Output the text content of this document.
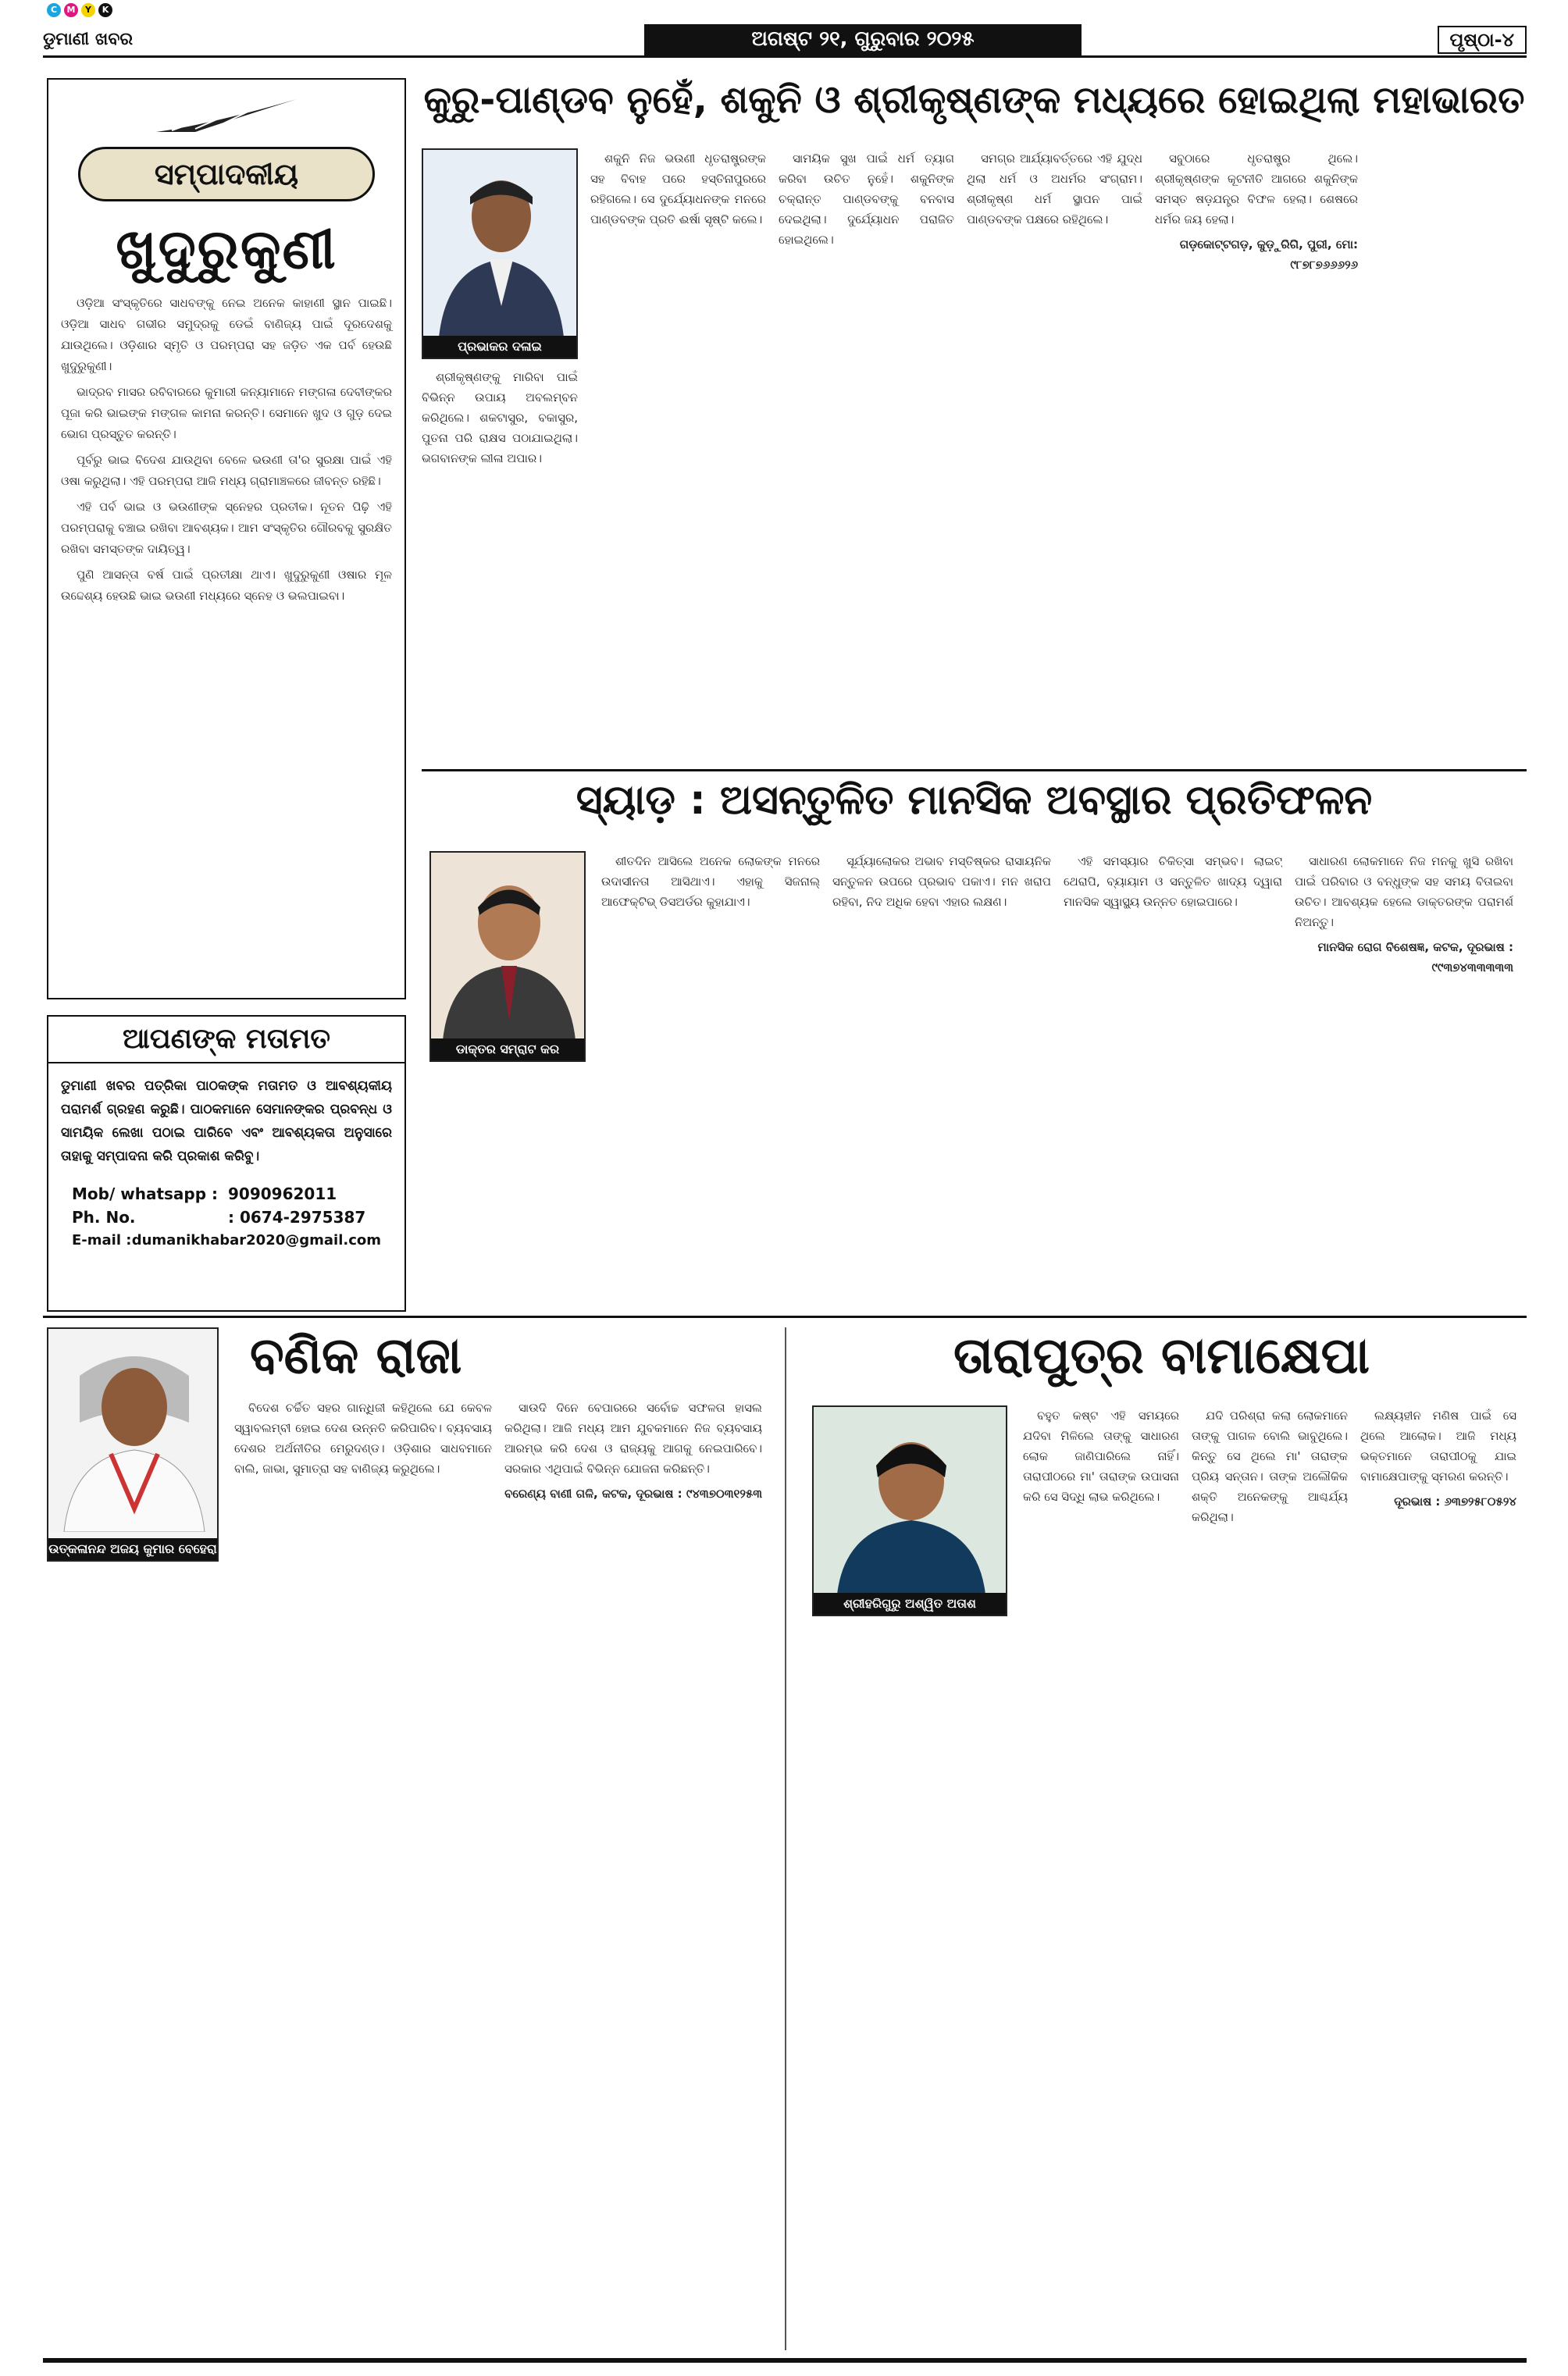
C	M	Y	K
ଡୁମାଣୀ ଖବର	ଅଗଷ୍ଟ ୨୧, ଗୁରୁବାର ୨୦୨୫	ପୃଷ୍ଠା-୪
ସମ୍ପାଦକୀୟ
ଖୁଦୁରୁକୁଣୀ

ଓଡ଼ିଆ ସଂସ୍କୃତିରେ ସାଧବଙ୍କୁ ନେଇ ଅନେକ କାହାଣୀ ସ୍ଥାନ ପାଇଛି। ଓଡ଼ିଆ ସାଧବ ଗଭୀର ସମୁଦ୍ରକୁ ଡେଇଁ ବାଣିଜ୍ୟ ପାଇଁ ଦୂରଦେଶକୁ ଯାଉଥିଲେ। ଓଡ଼ିଶାର ସ୍ମୃତି ଓ ପରମ୍ପରା ସହ ଜଡ଼ିତ ଏକ ପର୍ବ ହେଉଛି ଖୁଦୁରୁକୁଣୀ।

ଭାଦ୍ରବ ମାସର ରବିବାରରେ କୁମାରୀ କନ୍ୟାମାନେ ମଙ୍ଗଳା ଦେବୀଙ୍କର ପୂଜା କରି ଭାଇଙ୍କ ମଙ୍ଗଳ କାମନା କରନ୍ତି। ସେମାନେ ଖୁଦ ଓ ଗୁଡ଼ ଦେଇ ଭୋଗ ପ୍ରସ୍ତୁତ କରନ୍ତି।

ପୂର୍ବରୁ ଭାଇ ବିଦେଶ ଯାଉଥିବା ବେଳେ ଭଉଣୀ ତା'ର ସୁରକ୍ଷା ପାଇଁ ଏହି ଓଷା କରୁଥିଲା। ଏହି ପରମ୍ପରା ଆଜି ମଧ୍ୟ ଗ୍ରାମାଞ୍ଚଳରେ ଜୀବନ୍ତ ରହିଛି।

ଏହି ପର୍ବ ଭାଇ ଓ ଭଉଣୀଙ୍କ ସ୍ନେହର ପ୍ରତୀକ। ନୂତନ ପିଢ଼ି ଏହି ପରମ୍ପରାକୁ ବଞ୍ଚାଇ ରଖିବା ଆବଶ୍ୟକ। ଆମ ସଂସ୍କୃତିର ଗୌରବକୁ ସୁରକ୍ଷିତ ରଖିବା ସମସ୍ତଙ୍କ ଦାୟିତ୍ୱ।

ପୁଣି ଆସନ୍ତା ବର୍ଷ ପାଇଁ ପ୍ରତୀକ୍ଷା ଥାଏ। ଖୁଦୁରୁକୁଣୀ ଓଷାର ମୂଳ ଉଦ୍ଦେଶ୍ୟ ହେଉଛି ଭାଇ ଭଉଣୀ ମଧ୍ୟରେ ସ୍ନେହ ଓ ଭଲପାଇବା।

ଆପଣଙ୍କ ମତାମତ
ଡୁମାଣୀ ଖବର ପତ୍ରିକା ପାଠକଙ୍କ ମତାମତ ଓ ଆବଶ୍ୟକୀୟ ପରାମର୍ଶ ଗ୍ରହଣ କରୁଛି। ପାଠକମାନେ ସେମାନଙ୍କର ପ୍ରବନ୍ଧ ଓ ସାମୟିକ ଲେଖା ପଠାଇ ପାରିବେ ଏବଂ ଆବଶ୍ୟକତା ଅନୁସାରେ ତାହାକୁ ସମ୍ପାଦନା କରି ପ୍ରକାଶ କରିବୁ।
Mob/ whatsapp : 9090962011
Ph. No.	: 0674-2975387
E-mail : dumanikhabar2020@gmail.com
କୁରୁ-ପାଣ୍ଡବ ନୁହେଁ, ଶକୁନି ଓ ଶ୍ରୀକୃଷ୍ଣଙ୍କ ମଧ୍ୟରେ ହୋଇଥିଲା ମହାଭାରତ
ପ୍ରଭାକର ଦଳାଇ

ଶ୍ରୀକୃଷ୍ଣଙ୍କୁ ମାରିବା ପାଇଁ ବିଭିନ୍ନ ଉପାୟ ଅବଲମ୍ବନ କରିଥିଲେ। ଶକଟାସୁର, ବକାସୁର, ପୁତନା ପରି ରାକ୍ଷସ ପଠାଯାଇଥିଲା। ଭଗବାନଙ୍କ ଲୀଳା ଅପାର।

ଶକୁନି ନିଜ ଭଉଣୀ ଧୃତରାଷ୍ଟ୍ରଙ୍କ ସହ ବିବାହ ପରେ ହସ୍ତିନାପୁରରେ ରହିଗଲେ। ସେ ଦୁର୍ଯ୍ୟୋଧନଙ୍କ ମନରେ ପାଣ୍ଡବଙ୍କ ପ୍ରତି ଈର୍ଷା ସୃଷ୍ଟି କଲେ।

ସାମୟିକ ସୁଖ ପାଇଁ ଧର୍ମ ତ୍ୟାଗ କରିବା ଉଚିତ ନୁହେଁ। ଶକୁନିଙ୍କ ଚକ୍ରାନ୍ତ ପାଣ୍ଡବଙ୍କୁ ବନବାସ ଦେଇଥିଲା। ଦୁର୍ଯ୍ୟୋଧନ ପରାଜିତ ହୋଇଥିଲେ।

ସମଗ୍ର ଆର୍ଯ୍ୟାବର୍ତ୍ତରେ ଏହି ଯୁଦ୍ଧ ଥିଲା ଧର୍ମ ଓ ଅଧର୍ମର ସଂଗ୍ରାମ। ଶ୍ରୀକୃଷ୍ଣ ଧର୍ମ ସ୍ଥାପନ ପାଇଁ ପାଣ୍ଡବଙ୍କ ପକ୍ଷରେ ରହିଥିଲେ।

ସବୁଠାରେ ଧୃତରାଷ୍ଟ୍ର ଥିଲେ। ଶ୍ରୀକୃଷ୍ଣଙ୍କ କୂଟନୀତି ଆଗରେ ଶକୁନିଙ୍କ ସମସ୍ତ ଷଡ଼ଯନ୍ତ୍ର ବିଫଳ ହେଲା। ଶେଷରେ ଧର୍ମର ଜୟ ହେଲା।

ଗଡ଼କୋଟ୍ଟଗଡ଼, କୁଡ଼ୁରିଗି, ପୁରୀ, ମୋ: ୯୮୭୮୭୬୬୬୨୬
ସ୍ୟାଡ଼ : ଅସନ୍ତୁଳିତ ମାନସିକ ଅବସ୍ଥାର ପ୍ରତିଫଳନ
ଡାକ୍ତର ସମ୍ରାଟ କର

ଶୀତଦିନ ଆସିଲେ ଅନେକ ଲୋକଙ୍କ ମନରେ ଉଦାସୀନତା ଆସିଥାଏ। ଏହାକୁ ସିଜନାଲ୍ ଆଫେକ୍ଟିଭ୍ ଡିସଅର୍ଡର କୁହାଯାଏ।

ସୂର୍ଯ୍ୟାଲୋକର ଅଭାବ ମସ୍ତିଷ୍କର ରାସାୟନିକ ସନ୍ତୁଳନ ଉପରେ ପ୍ରଭାବ ପକାଏ। ମନ ଖରାପ ରହିବା, ନିଦ ଅଧିକ ହେବା ଏହାର ଲକ୍ଷଣ।

ଏହି ସମସ୍ୟାର ଚିକିତ୍ସା ସମ୍ଭବ। ଲାଇଟ୍ ଥେରାପି, ବ୍ୟାୟାମ ଓ ସନ୍ତୁଳିତ ଖାଦ୍ୟ ଦ୍ୱାରା ମାନସିକ ସ୍ୱାସ୍ଥ୍ୟ ଉନ୍ନତ ହୋଇପାରେ।

ସାଧାରଣ ଲୋକମାନେ ନିଜ ମନକୁ ଖୁସି ରଖିବା ପାଇଁ ପରିବାର ଓ ବନ୍ଧୁଙ୍କ ସହ ସମୟ ବିତାଇବା ଉଚିତ। ଆବଶ୍ୟକ ହେଲେ ଡାକ୍ତରଙ୍କ ପରାମର୍ଶ ନିଅନ୍ତୁ।

ମାନସିକ ରୋଗ ବିଶେଷଜ୍ଞ, କଟକ, ଦୂରଭାଷ : ୯୯୩୭୪୩୩୩୩୩
ବଣିକ ରାଜା
ଉତ୍କଳାନନ୍ଦ ଅଜୟ କୁମାର ବେହେରା

ବିଦେଶ ଚର୍ଚ୍ଚିତ ସହର ଗାନ୍ଧିଜୀ କହିଥିଲେ ଯେ କେବଳ ସ୍ୱାବଲମ୍ବୀ ହୋଇ ଦେଶ ଉନ୍ନତି କରିପାରିବ। ବ୍ୟବସାୟ ଦେଶର ଅର୍ଥନୀତିର ମେରୁଦଣ୍ଡ। ଓଡ଼ିଶାର ସାଧବମାନେ ବାଲି, ଜାଭା, ସୁମାତ୍ରା ସହ ବାଣିଜ୍ୟ କରୁଥିଲେ।

ସାଉଦି ଦିନେ ବେପାରରେ ସର୍ବୋଚ୍ଚ ସଫଳତା ହାସଲ କରିଥିଲା। ଆଜି ମଧ୍ୟ ଆମ ଯୁବକମାନେ ନିଜ ବ୍ୟବସାୟ ଆରମ୍ଭ କରି ଦେଶ ଓ ରାଜ୍ୟକୁ ଆଗକୁ ନେଇପାରିବେ। ସରକାର ଏଥିପାଇଁ ବିଭିନ୍ନ ଯୋଜନା କରିଛନ୍ତି।

ବରେଣ୍ୟ ବାଣୀ ଗଳି, କଟକ, ଦୂରଭାଷ : ୯୪୩୭୦୩୧୨୫୩
ତାରାପୁତ୍ର ବାମାକ୍ଷେପା
ଶ୍ରୀହରିଗୁରୁ ଅଶ୍ୱିତ ଅତାଶ

ବହୁତ କଷ୍ଟ ଏହି ସମୟରେ ଯଦିବା ମିଳିଲେ ତାଙ୍କୁ ସାଧାରଣ ଲୋକ ଜାଣିପାରିଲେ ନାହିଁ। ତାରାପୀଠରେ ମା' ତାରାଙ୍କ ଉପାସନା କରି ସେ ସିଦ୍ଧି ଲାଭ କରିଥିଲେ।

ଯଦି ପରିଶ୍ରା କଲା ଲୋକମାନେ ତାଙ୍କୁ ପାଗଳ ବୋଲି ଭାବୁଥିଲେ। କିନ୍ତୁ ସେ ଥିଲେ ମା' ତାରାଙ୍କ ପ୍ରିୟ ସନ୍ତାନ। ତାଙ୍କ ଅଲୌକିକ ଶକ୍ତି ଅନେକଙ୍କୁ ଆଶ୍ଚର୍ଯ୍ୟ କରିଥିଲା।

ଲକ୍ଷ୍ୟହୀନ ମଣିଷ ପାଇଁ ସେ ଥିଲେ ଆଲୋକ। ଆଜି ମଧ୍ୟ ଭକ୍ତମାନେ ତାରାପୀଠକୁ ଯାଇ ବାମାକ୍ଷେପାଙ୍କୁ ସ୍ମରଣ କରନ୍ତି।

ଦୂରଭାଷ : ୬୩୭୨୫୮୦୫୨୪
